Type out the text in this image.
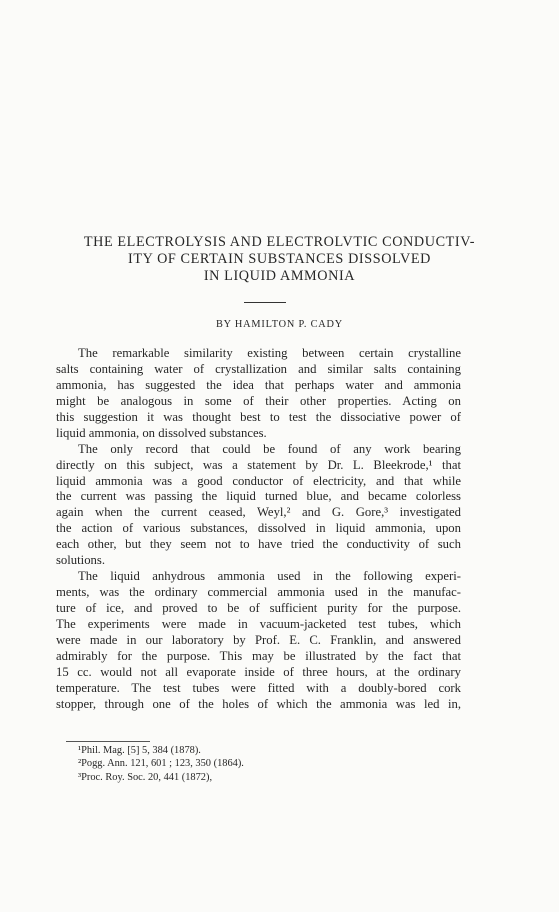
THE ELECTROLYSIS AND ELECTROLVTIC CONDUCTIV-
ITY OF CERTAIN SUBSTANCES DISSOLVED
IN LIQUID AMMONIA
BY HAMILTON P. CADY
The remarkable similarity existing between certain crystalline
salts containing water of crystallization and similar salts containing
ammonia, has suggested the idea that perhaps water and ammonia
might be analogous in some of their other properties. Acting on
this suggestion it was thought best to test the dissociative power of
liquid ammonia, on dissolved substances.
The only record that could be found of any work bearing
directly on this subject, was a statement by Dr. L. Bleekrode,¹ that
liquid ammonia was a good conductor of electricity, and that while
the current was passing the liquid turned blue, and became colorless
again when the current ceased, Weyl,² and G. Gore,³ investigated
the action of various substances, dissolved in liquid ammonia, upon
each other, but they seem not to have tried the conductivity of such
solutions.
The liquid anhydrous ammonia used in the following experi-
ments, was the ordinary commercial ammonia used in the manufac-
ture of ice, and proved to be of sufficient purity for the purpose.
The experiments were made in vacuum-jacketed test tubes, which
were made in our laboratory by Prof. E. C. Franklin, and answered
admirably for the purpose. This may be illustrated by the fact that
15 cc. would not all evaporate inside of three hours, at the ordinary
temperature. The test tubes were fitted with a doubly-bored cork
stopper, through one of the holes of which the ammonia was led in,
¹Phil. Mag. [5] 5, 384 (1878).
²Pogg. Ann. 121, 601 ; 123, 350 (1864).
³Proc. Roy. Soc. 20, 441 (1872),
